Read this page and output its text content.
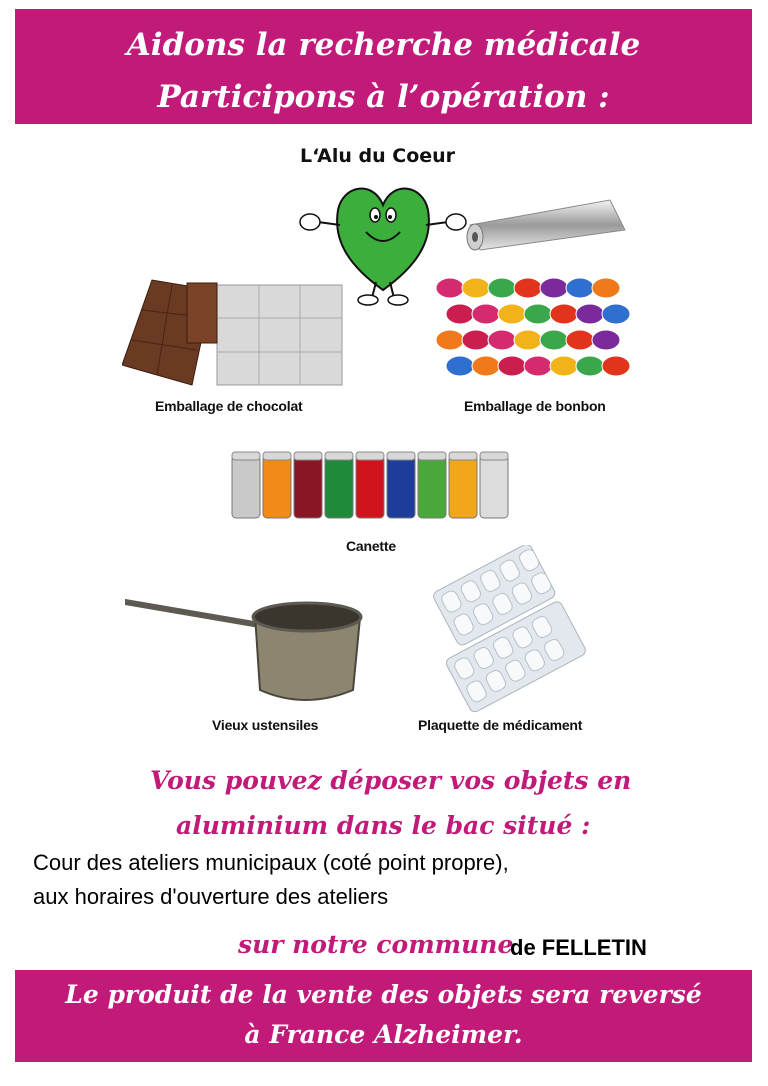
Aidons la recherche médicale
Participons à l’opération :
L‘Alu du Coeur
Emballage de chocolat	Emballage de bonbon
Canette
Vieux ustensiles	Plaquette de médicament
Vous pouvez déposer vos objets en
aluminium dans le bac situé :
Cour des ateliers municipaux (coté point propre),
aux horaires d'ouverture des ateliers
sur notre commune
de FELLETIN
Le produit de la vente des objets sera reversé
à France Alzheimer.
